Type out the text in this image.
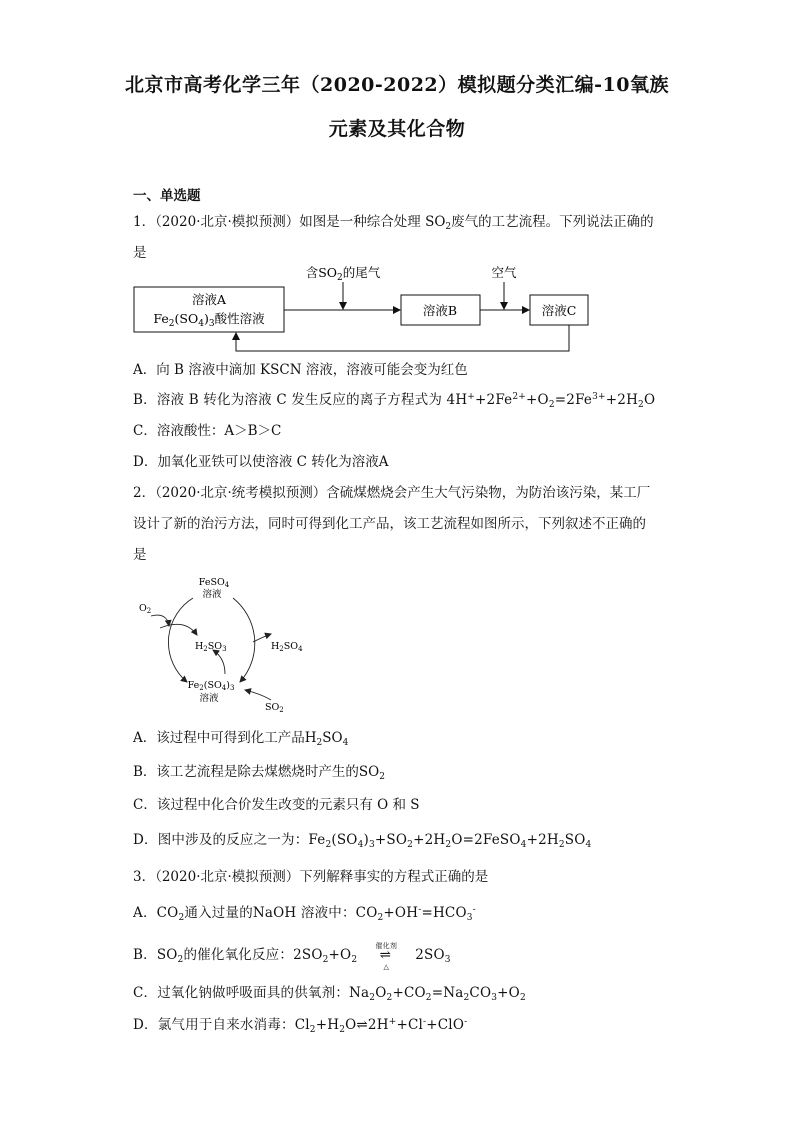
北京市高考化学三年（2020-2022）模拟题分类汇编-10氧族
元素及其化合物
一、单选题
1．（2020·北京·模拟预测）如图是一种综合处理 $SO_2$废气的工艺流程。下列说法正确的
是
溶液A
$Fe_2(SO_4)_3$酸性溶液
溶液B	溶液C
含$SO_2$的尾气	空气
A．向 B 溶液中滴加 KSCN 溶液，溶液可能会变为红色
B．溶液 B 转化为溶液 C 发生反应的离子方程式为 $4H^++2Fe^{2+}+O_2=2Fe^{3+}+2H_2O$
C．溶液酸性：A＞B＞C
D．加氧化亚铁可以使溶液 C 转化为溶液A
2．（2020·北京·统考模拟预测）含硫煤燃烧会产生大气污染物，为防治该污染，某工厂
设计了新的治污方法，同时可得到化工产品，该工艺流程如图所示，下列叙述不正确的
是
FeSO$_4$
溶液
$O_2$
$H_2SO_3$	$H_2SO_4$
$Fe_2(SO_4)_3$
溶液
$SO_2$
A．该过程中可得到化工产品$H_2SO_4$
B．该工艺流程是除去煤燃烧时产生的$SO_2$
C．该过程中化合价发生改变的元素只有 O 和 S
D．图中涉及的反应之一为：$Fe_2(SO_4)_3+SO_2+2H_2O=2FeSO_4+2H_2SO_4$
3．（2020·北京·模拟预测）下列解释事实的方程式正确的是
A．$CO_2$通入过量的NaOH 溶液中：$CO_2+OH^-=HCO_3^-$
B．$SO_2$的催化氧化反应：$2SO_2+O_2$
催化剂
⇌
△
$2SO_3$
C．过氧化钠做呼吸面具的供氧剂：$Na_2O_2+CO_2=Na_2CO_3+O_2$
D．氯气用于自来水消毒：$Cl_2+H_2O\rightleftharpoons 2H^++Cl^-+ClO^-$
